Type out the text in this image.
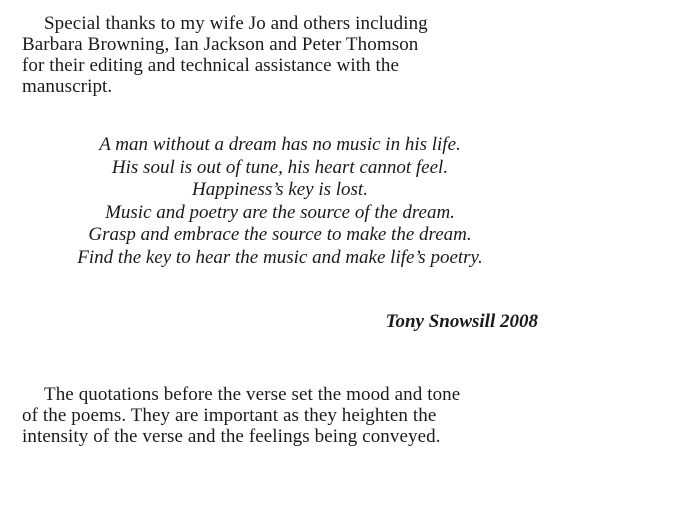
Special thanks to my wife Jo and others including
Barbara Browning, Ian Jackson and Peter Thomson
for their editing and technical assistance with the
manuscript.

A man without a dream has no music in his life.
His soul is out of tune, his heart cannot feel.
Happiness’s key is lost.
Music and poetry are the source of the dream.
Grasp and embrace the source to make the dream.
Find the key to hear the music and make life’s poetry.
Tony Snowsill 2008

The quotations before the verse set the mood and tone
of the poems. They are important as they heighten the
intensity of the verse and the feelings being conveyed.
